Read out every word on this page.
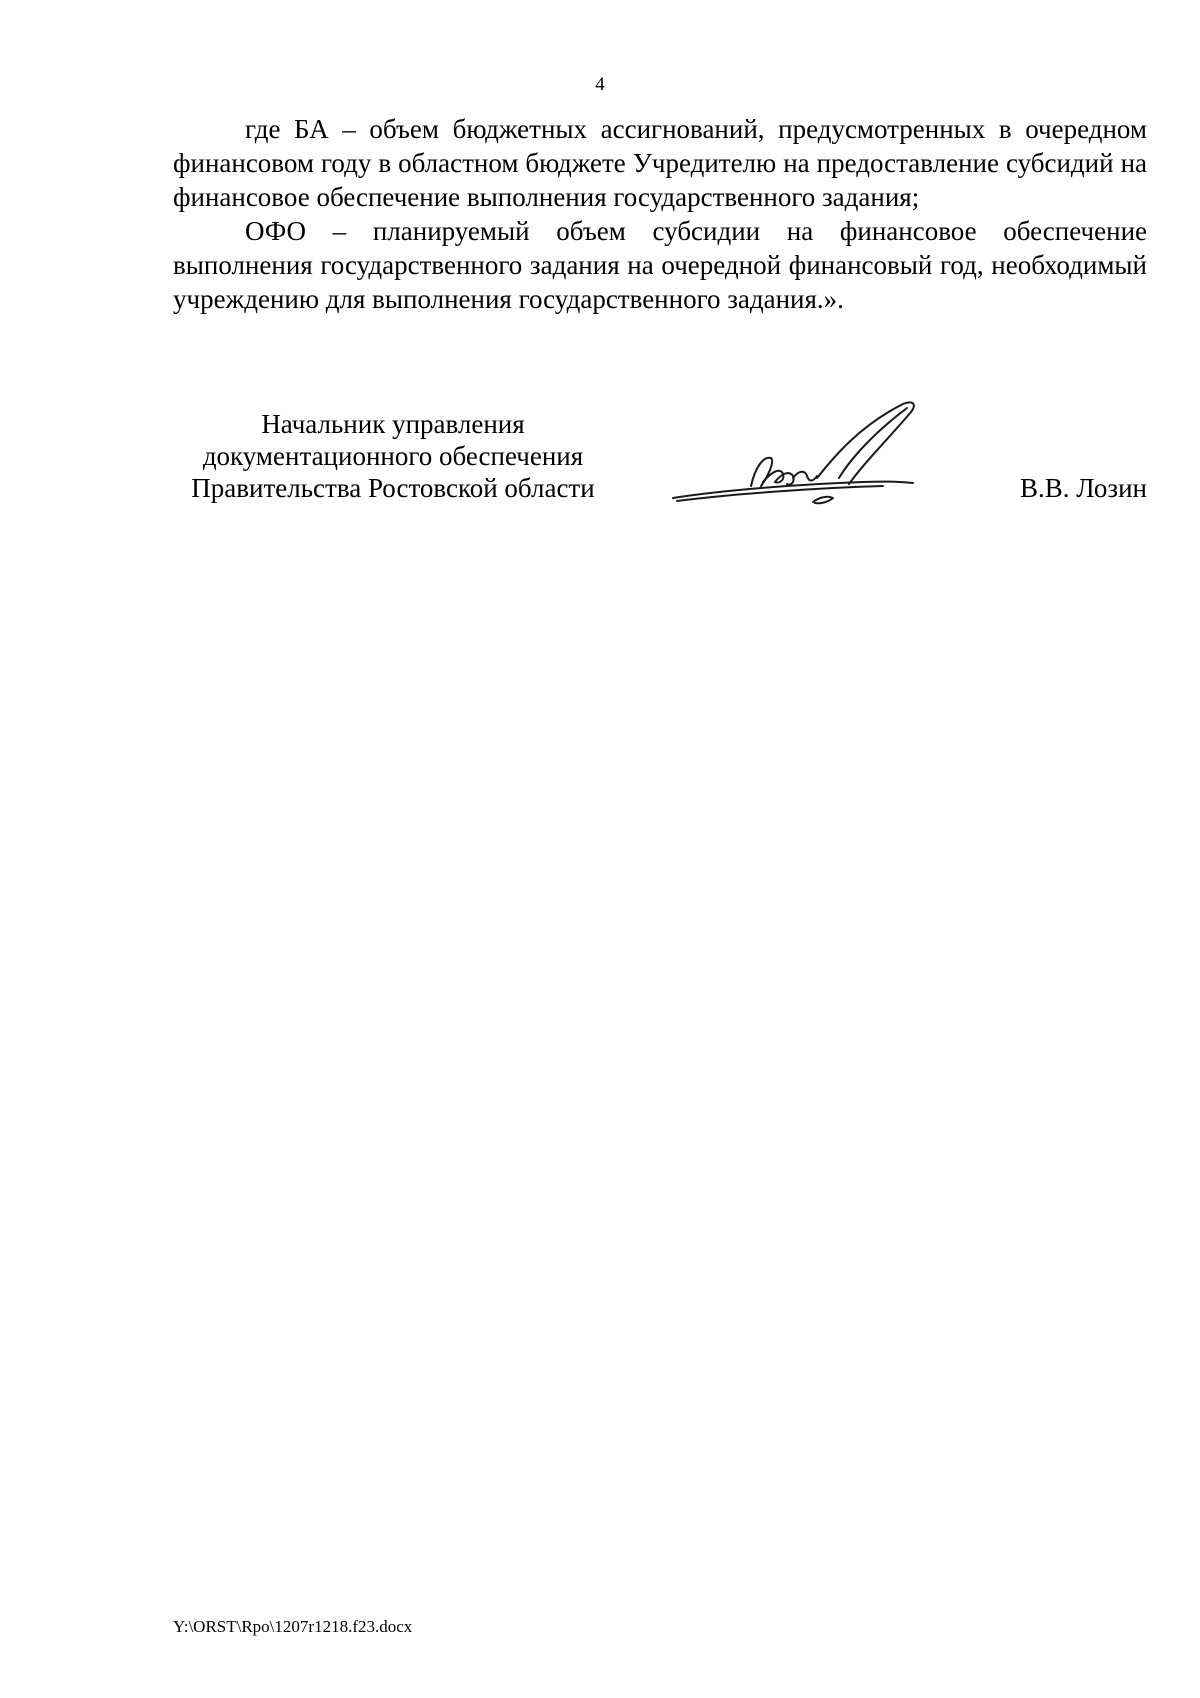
4

где БА – объем бюджетных ассигнований, предусмотренных в очередном финансовом году в областном бюджете Учредителю на предоставление субсидий на финансовое обеспечение выполнения государственного задания;

ОФО – планируемый объем субсидии на финансовое обеспечение выполнения государственного задания на очередной финансовый год, необходимый учреждению для выполнения государственного задания.».

Начальник управления
документационного обеспечения
Правительства Ростовской области	В.В. Лозин
Y:\ORST\Rpo\1207r1218.f23.docx
